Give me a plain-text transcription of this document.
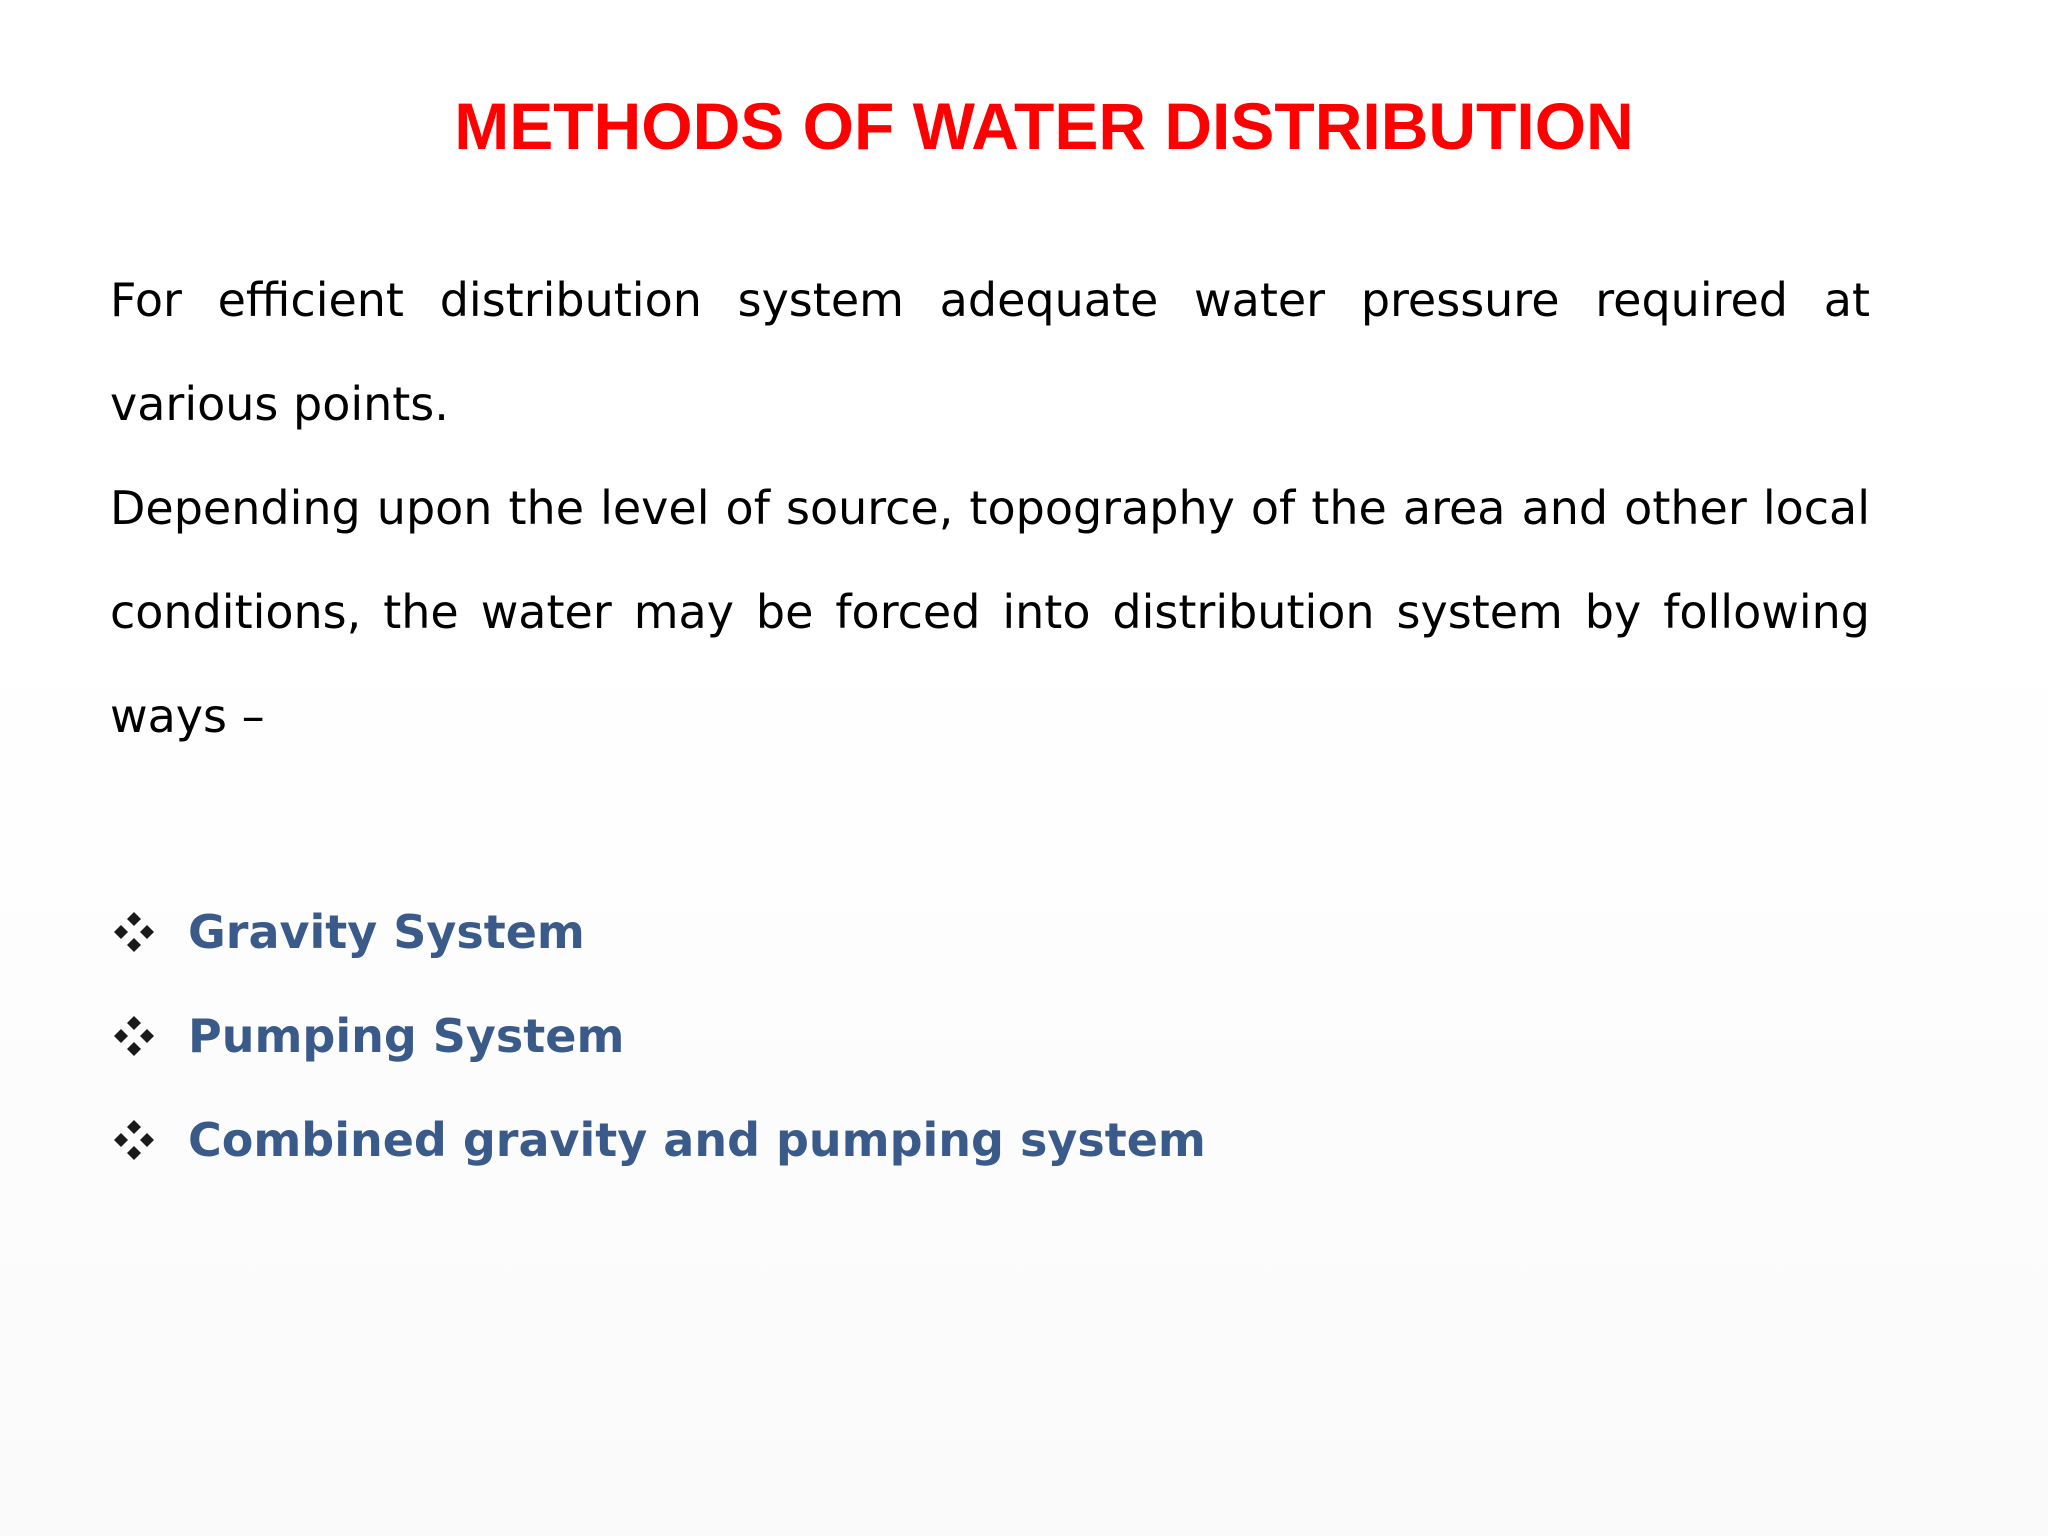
METHODS OF WATER DISTRIBUTION

For efficient distribution system adequate water pressure required at various points.

Depending upon the level of source, topography of the area and other local conditions, the water may be forced into distribution system by following ways –

Gravity System
Pumping System
Combined gravity and pumping system
